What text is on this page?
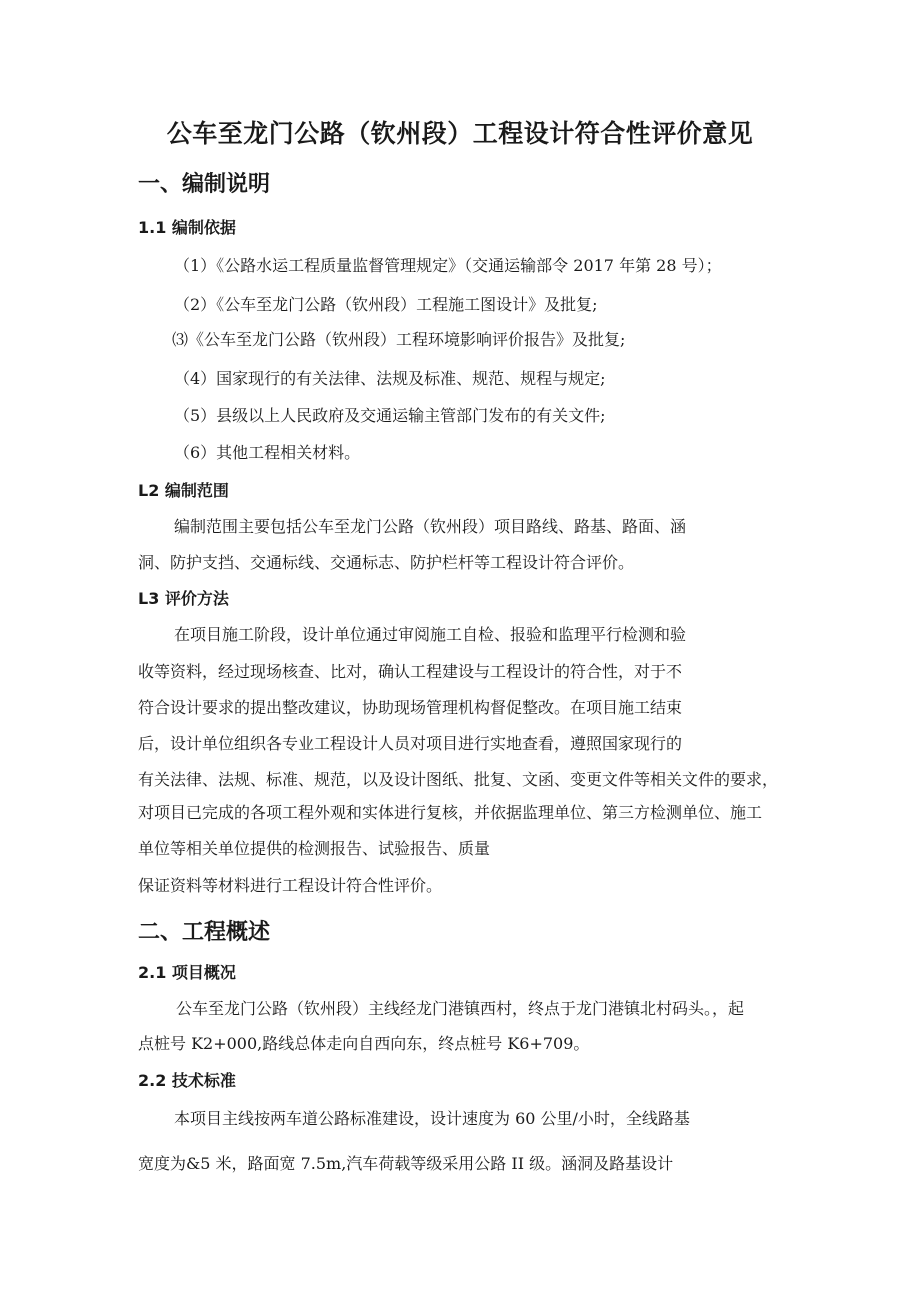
公车至龙门公路（钦州段）工程设计符合性评价意见
一、编制说明
1.1 编制依据

（1）《公路水运工程质量监督管理规定》（交通运输部令 2017 年第 28 号）；

（2）《公车至龙门公路（钦州段）工程施工图设计》及批复;

⑶《公车至龙门公路（钦州段）工程环境影响评价报告》及批复;

（4）国家现行的有关法律、法规及标准、规范、规程与规定;

（5）县级以上人民政府及交通运输主管部门发布的有关文件;

（6）其他工程相关材料。

L2 编制范围

编制范围主要包括公车至龙门公路（钦州段）项目路线、路基、路面、涵

洞、防护支挡、交通标线、交通标志、防护栏杆等工程设计符合评价。

L3 评价方法

在项目施工阶段，设计单位通过审阅施工自检、报验和监理平行检测和验

收等资料，经过现场核查、比对，确认工程建设与工程设计的符合性，对于不

符合设计要求的提出整改建议，协助现场管理机构督促整改。在项目施工结束

后，设计单位组织各专业工程设计人员对项目进行实地查看，遵照国家现行的

有关法律、法规、标准、规范，以及设计图纸、批复、文函、变更文件等相关文件的要求，

对项目已完成的各项工程外观和实体进行复核，并依据监理单位、第三方检测单位、施工

单位等相关单位提供的检测报告、试验报告、质量

保证资料等材料进行工程设计符合性评价。

二、工程概述
2.1 项目概况

公车至龙门公路（钦州段）主线经龙门港镇西村，终点于龙门港镇北村码头。，起

点桩号 K2+000,路线总体走向自西向东，终点桩号 K6+709。

2.2 技术标准

本项目主线按两车道公路标准建设，设计速度为 60 公里/小时，全线路基

宽度为&5 米，路面宽 7.5m,汽车荷载等级采用公路 II 级。涵洞及路基设计
